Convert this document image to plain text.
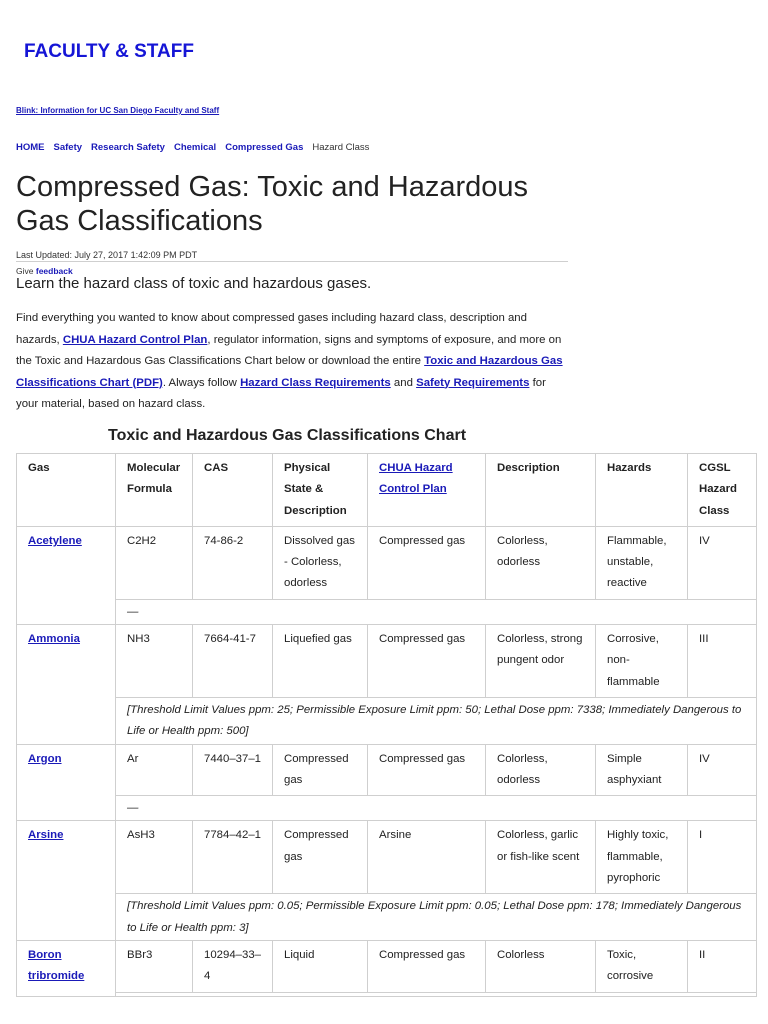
FACULTY & STAFF
Blink: Information for UC San Diego Faculty and Staff
HOME Safety Research Safety Chemical Compressed Gas Hazard Class
Compressed Gas: Toxic and Hazardous Gas Classifications
Last Updated: July 27, 2017 1:42:09 PM PDT
Give feedback
Learn the hazard class of toxic and hazardous gases.

Find everything you wanted to know about compressed gases including hazard class, description and hazards, CHUA Hazard Control Plan, regulator information, signs and symptoms of exposure, and more on the Toxic and Hazardous Gas Classifications Chart below or download the entire Toxic and Hazardous Gas Classifications Chart (PDF). Always follow Hazard Class Requirements and Safety Requirements for your material, based on hazard class.

Toxic and Hazardous Gas Classifications Chart
Gas	Molecular Formula	CAS	Physical State & Description	CHUA Hazard Control Plan	Description	Hazards	CGSL Hazard Class
Acetylene	C2H2	74-86-2	Dissolved gas - Colorless, odorless	Compressed gas	Colorless, odorless	Flammable, unstable, reactive	IV
	—						
Ammonia	NH3	7664-41-7	Liquefied gas	Compressed gas	Colorless, strong pungent odor	Corrosive, non-flammable	III
	[Threshold Limit Values ppm: 25; Permissible Exposure Limit ppm: 50; Lethal Dose ppm: 7338; Immediately Dangerous to Life or Health ppm: 500]						
Argon	Ar	7440–37–1	Compressed gas	Compressed gas	Colorless, odorless	Simple asphyxiant	IV
	—						
Arsine	AsH3	7784–42–1	Compressed gas	Arsine	Colorless, garlic or fish-like scent	Highly toxic, flammable, pyrophoric	I
	[Threshold Limit Values ppm: 0.05; Permissible Exposure Limit ppm: 0.05; Lethal Dose ppm: 178; Immediately Dangerous to Life or Health ppm: 3]						
Boron tribromide	BBr3	10294–33–4	Liquid	Compressed gas	Colorless	Toxic, corrosive	II
